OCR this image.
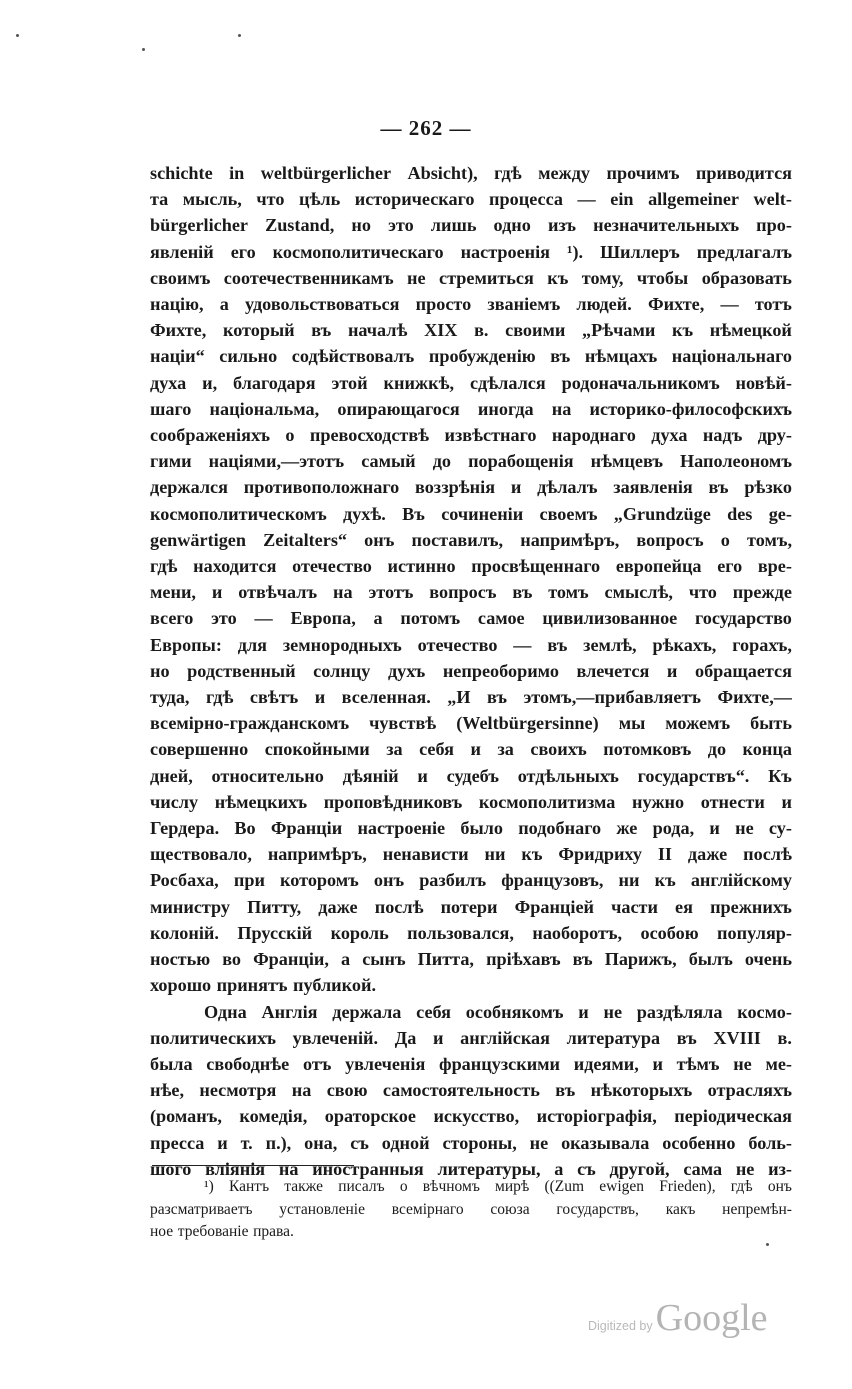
— 262 —
schichte in weltbürgerlicher Absicht), гдѣ между прочимъ приводится
та мысль, что цѣль историческаго процесса — ein allgemeiner welt-
bürgerlicher Zustand, но это лишь одно изъ незначительныхъ про-
явленій его космополитическаго настроенія ¹). Шиллеръ предлагалъ
своимъ соотечественникамъ не стремиться къ тому, чтобы образовать
націю, а удовольствоваться просто званіемъ людей. Фихте, — тотъ
Фихте, который въ началѣ XIX в. своими „Рѣчами къ нѣмецкой
націи“ сильно содѣйствовалъ пробужденію въ нѣмцахъ національнаго
духа и, благодаря этой книжкѣ, сдѣлался родоначальникомъ новѣй-
шаго національма, опирающагося иногда на историко-философскихъ
соображеніяхъ о превосходствѣ извѣстнаго народнаго духа надъ дру-
гими націями,—этотъ самый до порабощенія нѣмцевъ Наполеономъ
держался противоположнаго воззрѣнія и дѣлалъ заявленія въ рѣзко
космополитическомъ духѣ. Въ сочиненіи своемъ „Grundzüge des ge-
genwärtigen Zeitalters“ онъ поставилъ, напримѣръ, вопросъ о томъ,
гдѣ находится отечество истинно просвѣщеннаго европейца его вре-
мени, и отвѣчалъ на этотъ вопросъ въ томъ смыслѣ, что прежде
всего это — Европа, а потомъ самое цивилизованное государство
Европы: для земнородныхъ отечество — въ землѣ, рѣкахъ, горахъ,
но родственный солнцу духъ непреоборимо влечется и обращается
туда, гдѣ свѣтъ и вселенная. „И въ этомъ,—прибавляетъ Фихте,—
всемірно-гражданскомъ чувствѣ (Weltbürgersinne) мы можемъ быть
совершенно спокойными за себя и за своихъ потомковъ до конца
дней, относительно дѣяній и судебъ отдѣльныхъ государствъ“. Къ
числу нѣмецкихъ проповѣдниковъ космополитизма нужно отнести и
Гердера. Во Франціи настроеніе было подобнаго же рода, и не су-
ществовало, напримѣръ, ненависти ни къ Фридриху II даже послѣ
Росбаха, при которомъ онъ разбилъ французовъ, ни къ англійскому
министру Питту, даже послѣ потери Франціей части ея прежнихъ
колоній. Прусскій король пользовался, наоборотъ, особою популяр-
ностью во Франціи, а сынъ Питта, пріѣхавъ въ Парижъ, былъ очень
хорошо принятъ публикой.
Одна Англія держала себя особнякомъ и не раздѣляла космо-
политическихъ увлеченій. Да и англійская литература въ XVIII в.
была свободнѣе отъ увлеченія французскими идеями, и тѣмъ не ме-
нѣе, несмотря на свою самостоятельность въ нѣкоторыхъ отрасляхъ
(романъ, комедія, ораторское искусство, исторіографія, періодическая
пресса и т. п.), она, съ одной стороны, не оказывала особенно боль-
шого вліянія на иностранныя литературы, а съ другой, сама не из-
¹) Кантъ также писалъ о вѣчномъ мирѣ ((Zum ewigen Frieden), гдѣ онъ
разсматриваетъ установленіе всемірнаго союза государствъ, какъ непремѣн-
ное требованіе права.
Digitized by Google
